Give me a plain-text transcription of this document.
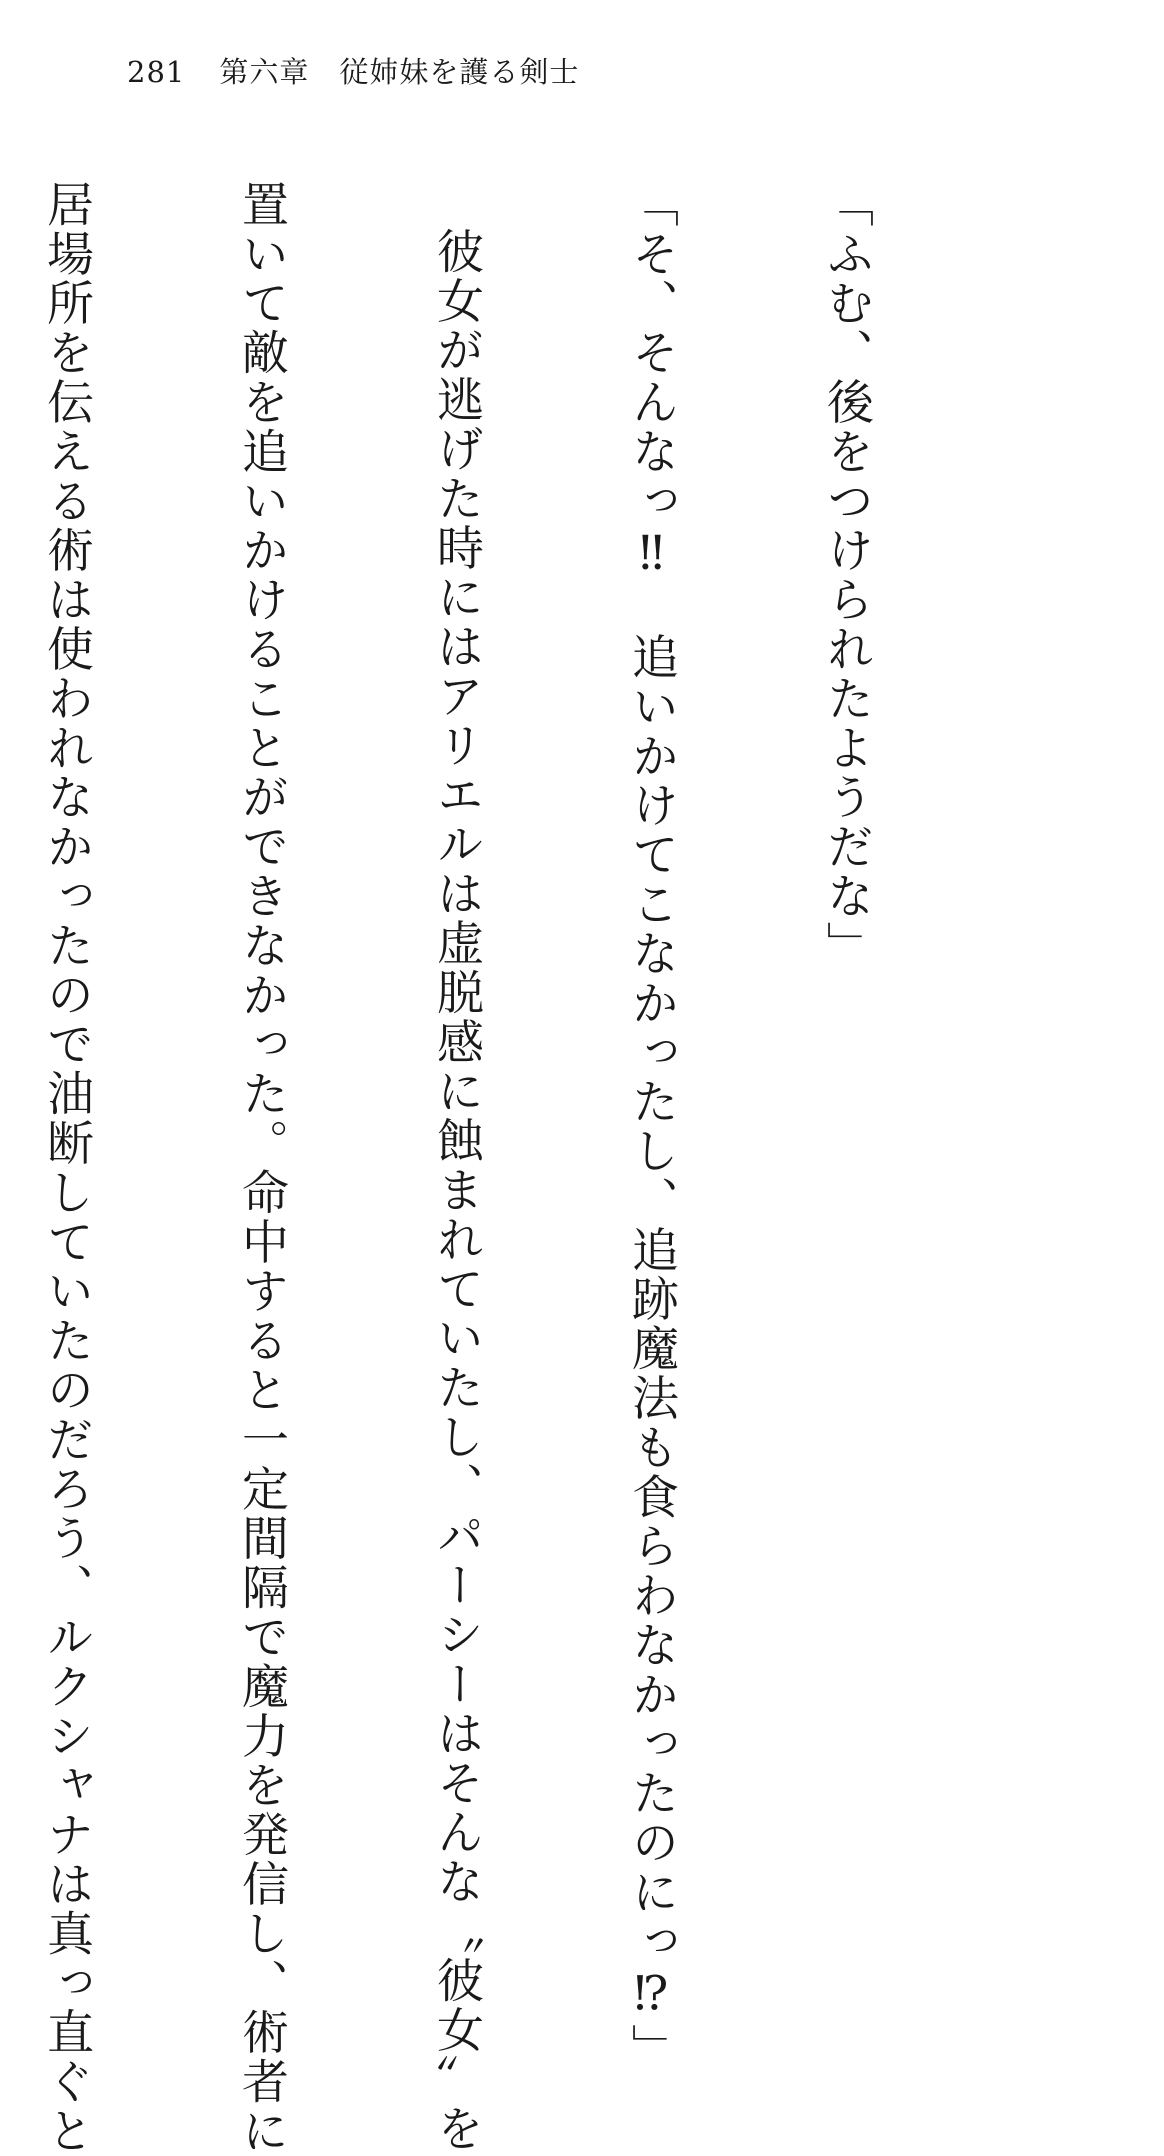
281 第六章 従姉妹を護る剣士

「ふむ、後をつけられたようだな」

「そ、そんなっ‼　追いかけてこなかったし、追跡魔法も食らわなかったのにっ⁉」

彼女が逃げた時にはアリエルは虚脱感に蝕まれていたし、パーシーはそんな〝彼女〟を

置いて敵を追いかけることができなかった。命中すると一定間隔で魔力を発信し、術者に

居場所を伝える術は使われなかったので油断していたのだろう、ルクシャナは真っ直ぐと
